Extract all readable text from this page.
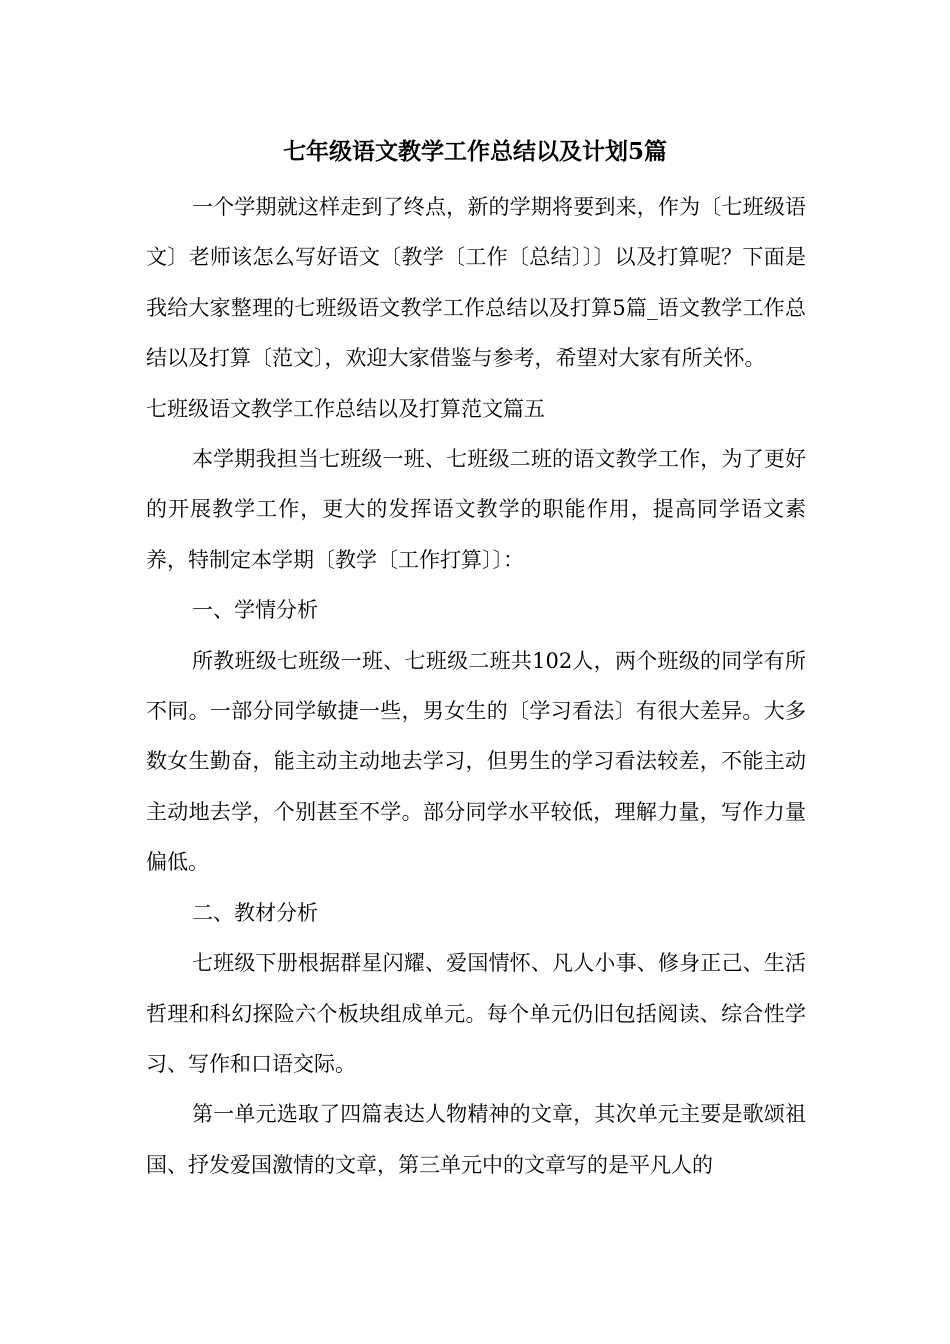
七年级语文教学工作总结以及计划5篇

一个学期就这样走到了终点，新的学期将要到来，作为〔七班级语文〕老师该怎么写好语文〔教学〔工作〔总结〕〕〕以及打算呢？下面是我给大家整理的七班级语文教学工作总结以及打算5篇_语文教学工作总结以及打算〔范文〕，欢迎大家借鉴与参考，希望对大家有所关怀。

七班级语文教学工作总结以及打算范文篇五

本学期我担当七班级一班、七班级二班的语文教学工作，为了更好的开展教学工作，更大的发挥语文教学的职能作用，提高同学语文素养，特制定本学期〔教学〔工作打算〕〕：

一、学情分析

所教班级七班级一班、七班级二班共102人，两个班级的同学有所不同。一部分同学敏捷一些，男女生的〔学习看法〕有很大差异。大多数女生勤奋，能主动主动地去学习，但男生的学习看法较差，不能主动主动地去学，个别甚至不学。部分同学水平较低，理解力量，写作力量偏低。

二、教材分析

七班级下册根据群星闪耀、爱国情怀、凡人小事、修身正己、生活哲理和科幻探险六个板块组成单元。每个单元仍旧包括阅读、综合性学习、写作和口语交际。

第一单元选取了四篇表达人物精神的文章，其次单元主要是歌颂祖国、抒发爱国激情的文章，第三单元中的文章写的是平凡人的
